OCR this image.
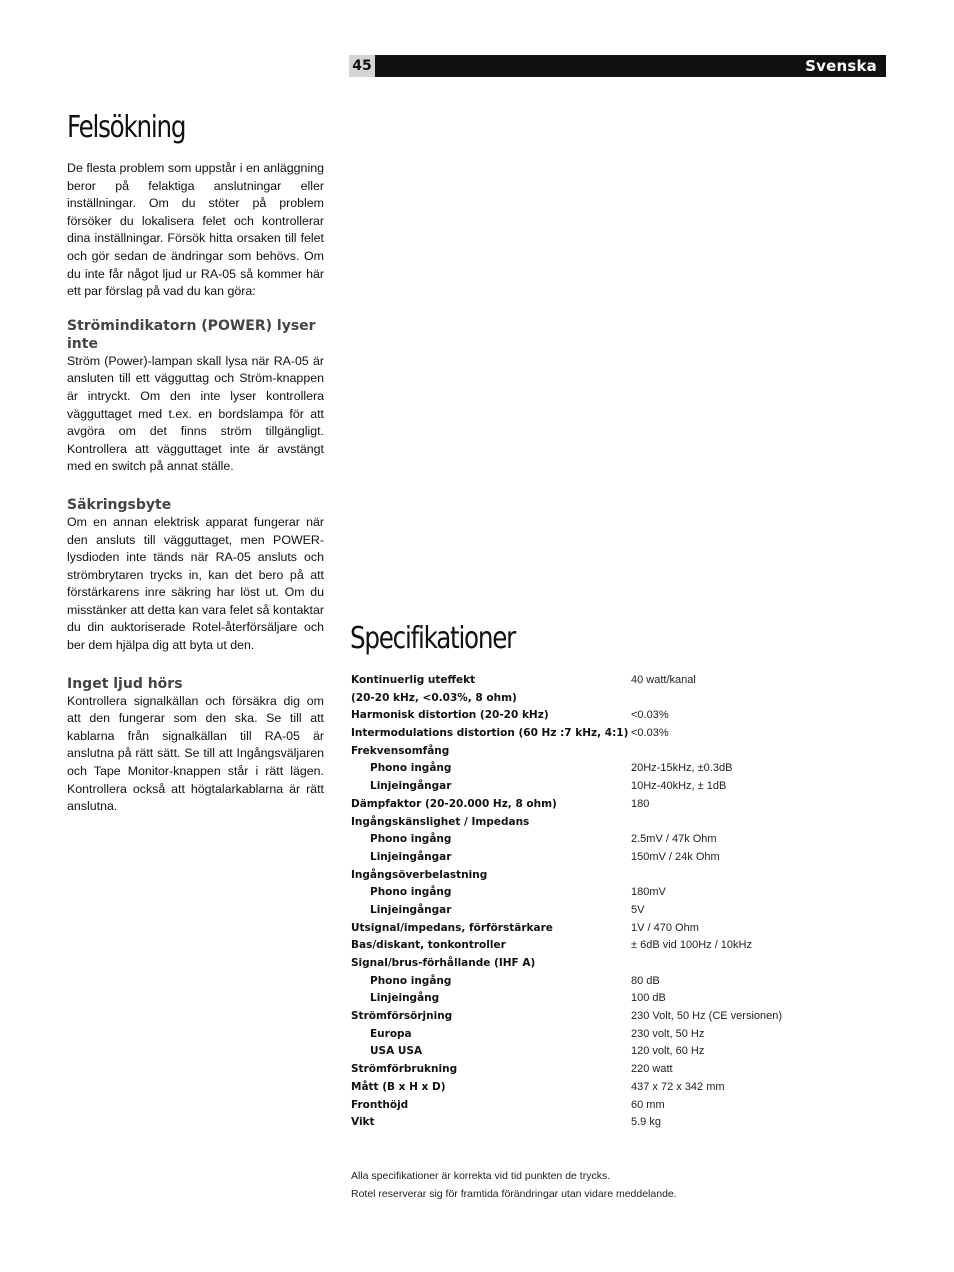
45	Svenska
Felsökning

De flesta problem som uppstår i en anläggning beror på felaktiga anslutningar eller inställningar. Om du stöter på problem försöker du lokalisera felet och kontrollerar dina inställningar. Försök hitta orsaken till felet och gör sedan de ändringar som behövs. Om du inte får något ljud ur RA-05 så kommer här ett par förslag på vad du kan göra:

Strömindikatorn (POWER) lyser inte

Ström (Power)-lampan skall lysa när RA-05 är ansluten till ett vägguttag och Ström-knappen är intryckt. Om den inte lyser kontrollera vägguttaget med t.ex. en bordslampa för att avgöra om det finns ström tillgängligt. Kontrollera att vägguttaget inte är avstängt med en switch på annat ställe.

Säkringsbyte

Om en annan elektrisk apparat fungerar när den ansluts till vägguttaget, men POWER-lysdioden inte tänds när RA-05 ansluts och strömbrytaren trycks in, kan det bero på att förstärkarens inre säkring har löst ut. Om du misstänker att detta kan vara felet så kontaktar du din auktoriserade Rotel-återförsäljare och ber dem hjälpa dig att byta ut den.

Inget ljud hörs

Kontrollera signalkällan och försäkra dig om att den fungerar som den ska. Se till att kablarna från signalkällan till RA-05 är anslutna på rätt sätt. Se till att Ingångsväljaren och Tape Monitor-knappen står i rätt lägen. Kontrollera också att högtalarkablarna är rätt anslutna.

Specifikationer
Kontinuerlig uteffekt	40 watt/kanal
(20-20 kHz, <0.03%, 8 ohm)
Harmonisk distortion (20-20 kHz)	<0.03%
Intermodulations distortion (60 Hz :7 kHz, 4:1) <0.03%
Frekvensomfång
Phono ingång	20Hz-15kHz, ±0.3dB
Linjeingångar	10Hz-40kHz, ± 1dB
Dämpfaktor (20-20.000 Hz, 8 ohm)	180
Ingångskänslighet / Impedans
Phono ingång	2.5mV / 47k Ohm
Linjeingångar	150mV / 24k Ohm
Ingångsöverbelastning
Phono ingång	180mV
Linjeingångar	5V
Utsignal/impedans, förförstärkare	1V / 470 Ohm
Bas/diskant, tonkontroller	± 6dB vid 100Hz / 10kHz
Signal/brus-förhållande (IHF A)
Phono ingång	80 dB
Linjeingång	100 dB
Strömförsörjning	230 Volt, 50 Hz (CE versionen)
Europa	230 volt, 50 Hz
USA USA	120 volt, 60 Hz
Strömförbrukning	220 watt
Mått (B x H x D)	437 x 72 x 342 mm
Fronthöjd	60 mm
Vikt	5.9 kg

Alla specifikationer är korrekta vid tid punkten de trycks.

Rotel reserverar sig för framtida förändringar utan vidare meddelande.
